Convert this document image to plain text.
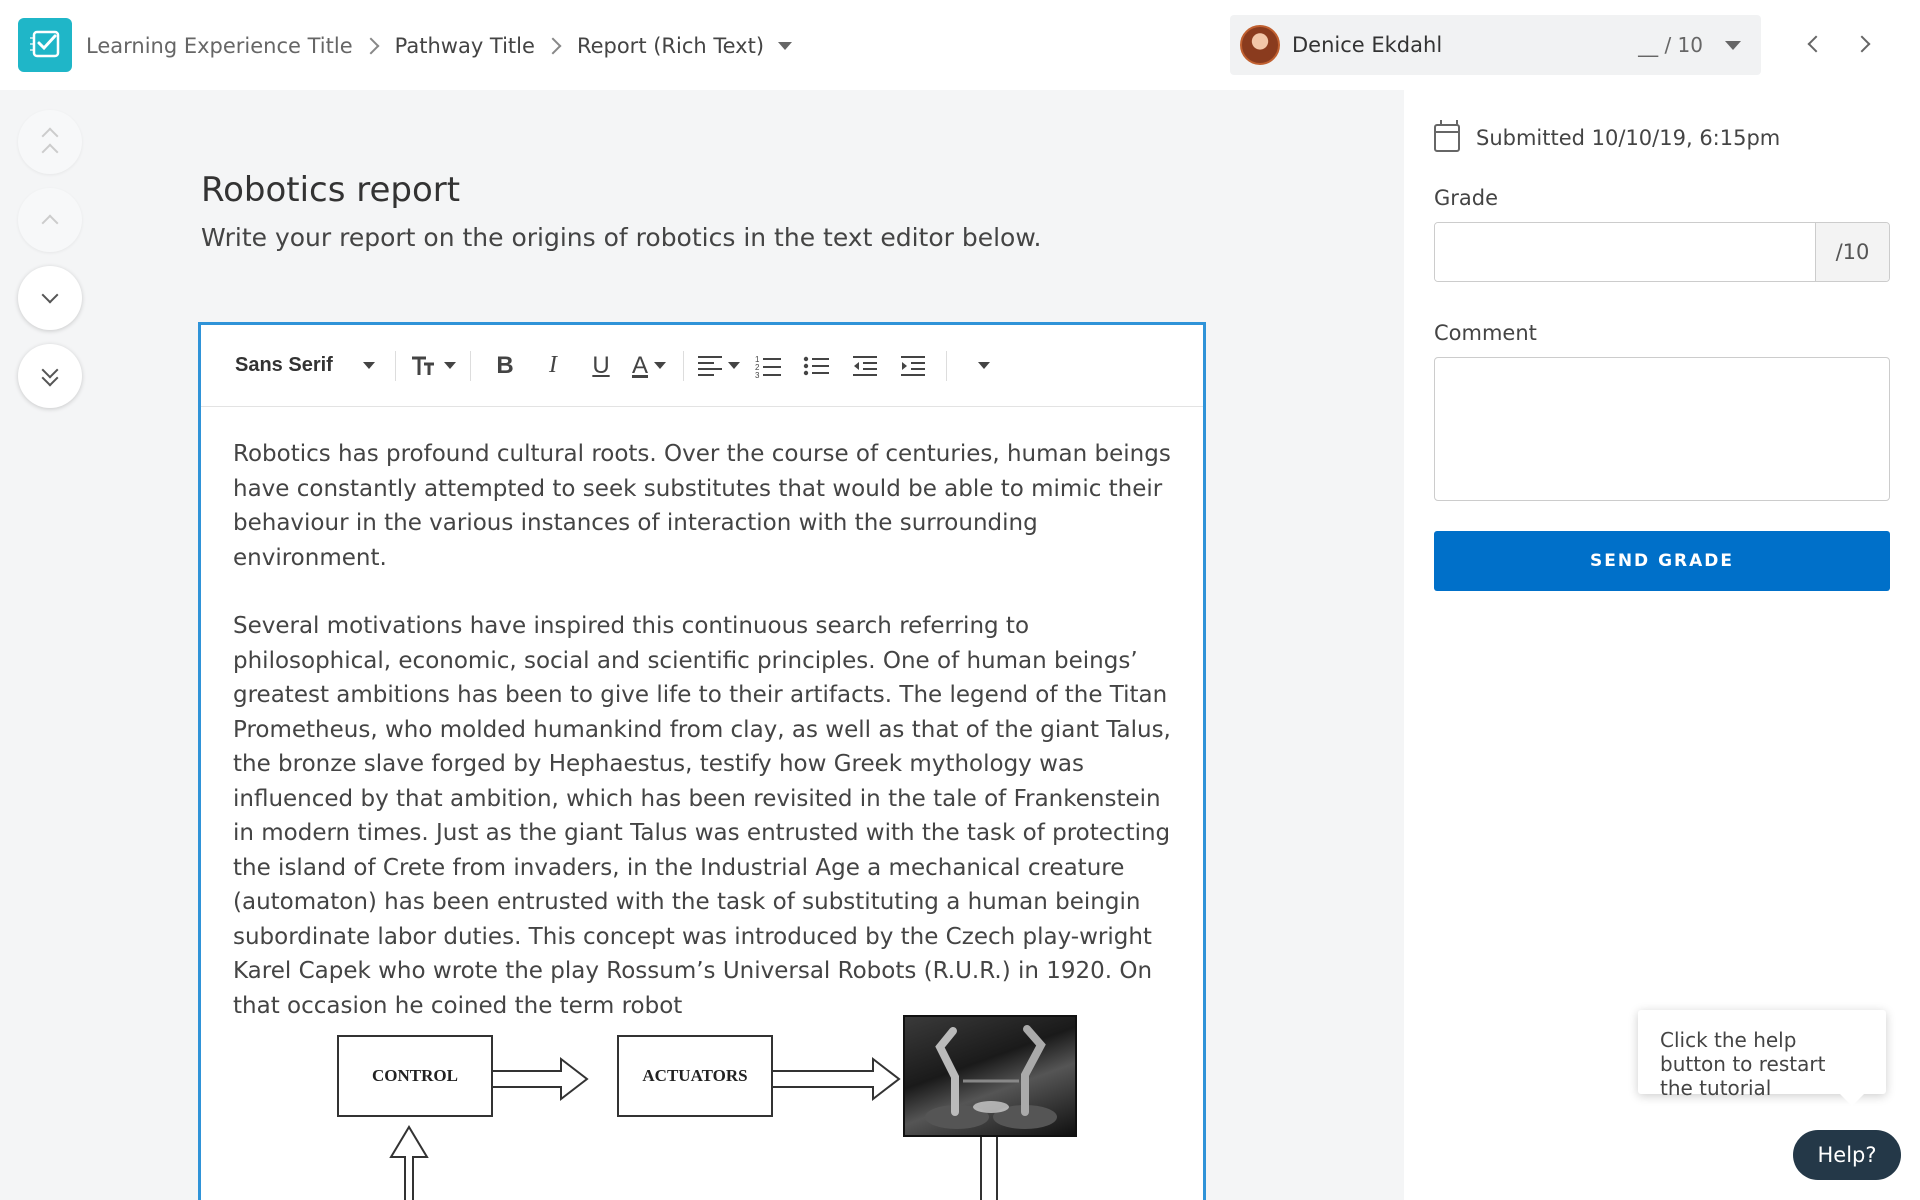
Learning Experience Title Pathway Title Report (Rich Text)	Denice Ekdahl	__ / 10
Robotics report
Write your report on the origins of robotics in the text editor below.
Sans Serif	B I U A	1
2
3

Robotics has profound cultural roots. Over the course of centuries, human beings have constantly attempted to seek substitutes that would be able to mimic their behaviour in the various instances of interaction with the surrounding environment.

Several motivations have inspired this continuous search referring to philosophical, economic, social and scientific principles. One of human beings’ greatest ambitions has been to give life to their artifacts. The legend of the Titan Prometheus, who molded humankind from clay, as well as that of the giant Talus, the bronze slave forged by Hephaestus, testify how Greek mythology was influenced by that ambition, which has been revisited in the tale of Frankenstein in modern times. Just as the giant Talus was entrusted with the task of protecting the island of Crete from invaders, in the Industrial Age a mechanical creature (automaton) has been entrusted with the task of substituting a human beingin subordinate labor duties. This concept was introduced by the Czech play-wright Karel Capek who wrote the play Rossum’s Universal Robots (R.U.R.) in 1920. On that occasion he coined the term robot

CONTROL	ACTUATORS
Submitted 10/10/19, 6:15pm
Grade
/10
Comment
SEND GRADE
Click the help button to restart the tutorial
Help?
